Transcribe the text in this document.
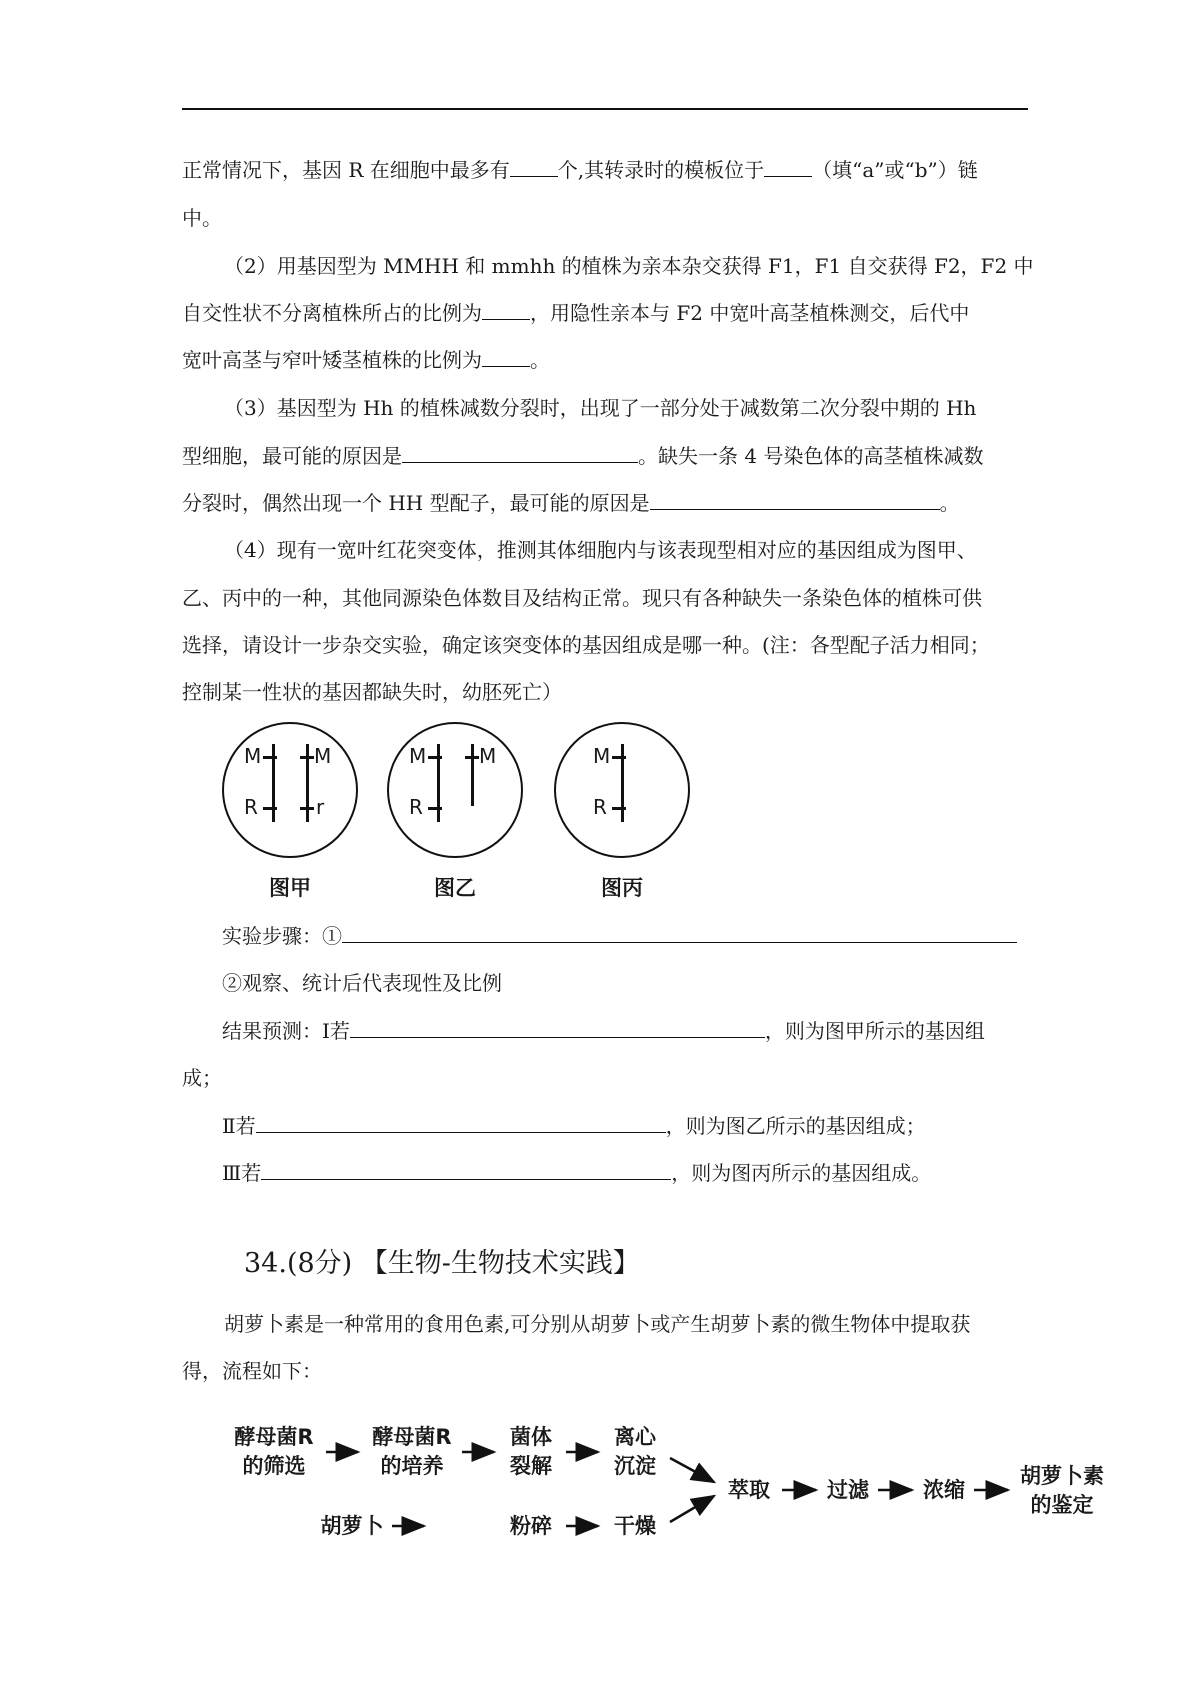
正常情况下，基因 R 在细胞中最多有 个,其转录时的模板位于 （填“a”或“b”）链
中。
（2）用基因型为 MMHH 和 mmhh 的植株为亲本杂交获得 F1，F1 自交获得 F2，F2 中
自交性状不分离植株所占的比例为 ，用隐性亲本与 F2 中宽叶高茎植株测交，后代中
宽叶高茎与窄叶矮茎植株的比例为 。
（3）基因型为 Hh 的植株减数分裂时，出现了一部分处于减数第二次分裂中期的 Hh
型细胞，最可能的原因是	。缺失一条 4 号染色体的高茎植株减数
分裂时，偶然出现一个 HH 型配子，最可能的原因是	。
（4）现有一宽叶红花突变体，推测其体细胞内与该表现型相对应的基因组成为图甲、
乙、丙中的一种，其他同源染色体数目及结构正常。现只有各种缺失一条染色体的植株可供
选择，请设计一步杂交实验，确定该突变体的基因组成是哪一种。(注：各型配子活力相同；
控制某一性状的基因都缺失时，幼胚死亡）
M
R
M
r
图甲
M
R
M
图乙
M
R
图丙
实验步骤：①
②观察、统计后代表现性及比例
结果预测：Ⅰ若	，则为图甲所示的基因组
成；
Ⅱ若	，则为图乙所示的基因组成；
Ⅲ若	，则为图丙所示的基因组成。
34.(8分) 【生物-生物技术实践】
胡萝卜素是一种常用的食用色素,可分别从胡萝卜或产生胡萝卜素的微生物体中提取获
得，流程如下：
酵母菌R
的筛选
酵母菌R
的培养
菌体
裂解
离心
沉淀
胡萝卜	粉碎	干燥
萃取	过滤	浓缩
胡萝卜素
的鉴定
